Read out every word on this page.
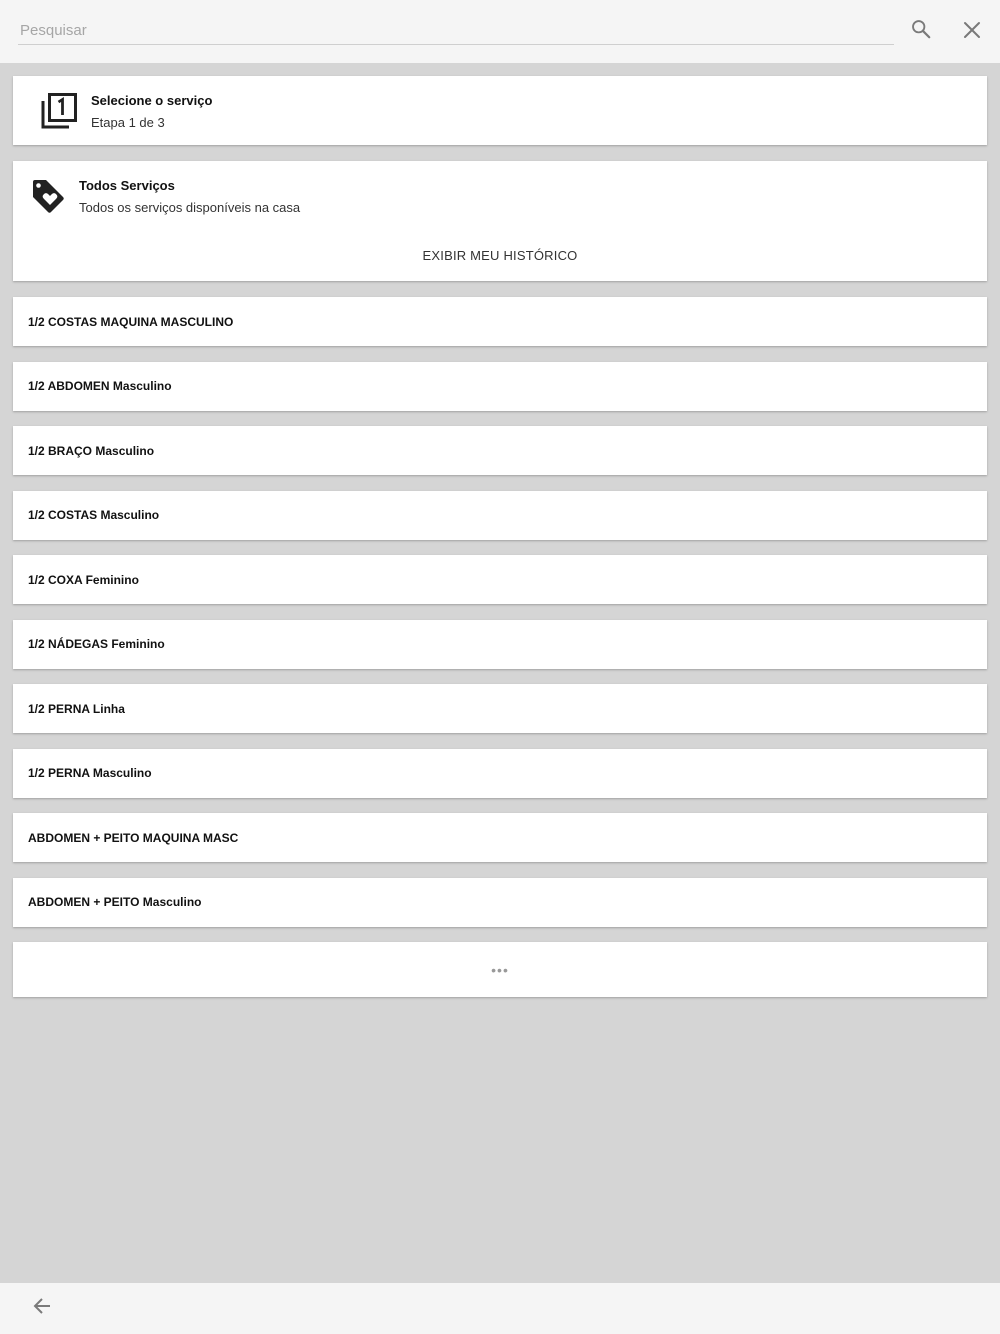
Pesquisar
Selecione o serviço
Etapa 1 de 3
Todos Serviços
Todos os serviços disponíveis na casa
EXIBIR MEU HISTÓRICO
1/2 COSTAS MAQUINA MASCULINO
1/2 ABDOMEN Masculino
1/2 BRAÇO Masculino
1/2 COSTAS Masculino
1/2 COXA Feminino
1/2 NÁDEGAS Feminino
1/2 PERNA Linha
1/2 PERNA Masculino
ABDOMEN + PEITO MAQUINA MASC
ABDOMEN + PEITO Masculino
•••
